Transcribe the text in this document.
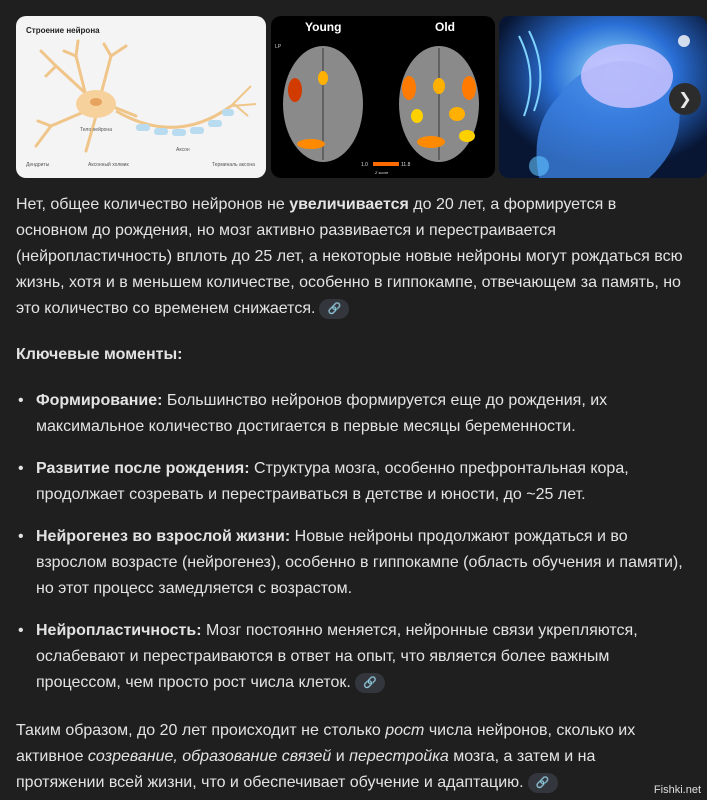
Строение нейрона
Тело нейрона
Аксон
Дендриты	Аксонный холмик	Терминаль аксона
Young	Old
LP
1.0	11.8
Z score
❯

Нет, общее количество нейронов не увеличивается до 20 лет, а формируется в основном до рождения, но мозг активно развивается и перестраивается (нейропластичность) вплоть до 25 лет, а некоторые новые нейроны могут рождаться всю жизнь, хотя и в меньшем количестве, особенно в гиппокампе, отвечающем за память, но это количество со временем снижается. 🔗

Ключевые моменты:

• Формирование: Большинство нейронов формируется еще до рождения, их максимальное количество достигается в первые месяцы беременности.
• Развитие после рождения: Структура мозга, особенно префронтальная кора, продолжает созревать и перестраиваться в детстве и юности, до ~25 лет.
• Нейрогенез во взрослой жизни: Новые нейроны продолжают рождаться и во взрослом возрасте (нейрогенез), особенно в гиппокампе (область обучения и памяти), но этот процесс замедляется с возрастом.
• Нейропластичность: Мозг постоянно меняется, нейронные связи укрепляются, ослабевают и перестраиваются в ответ на опыт, что является более важным процессом, чем просто рост числа клеток. 🔗

Таким образом, до 20 лет происходит не столько рост числа нейронов, сколько их активное созревание, образование связей и перестройка мозга, а затем и на протяжении всей жизни, что и обеспечивает обучение и адаптацию. 🔗

Fishki.net
